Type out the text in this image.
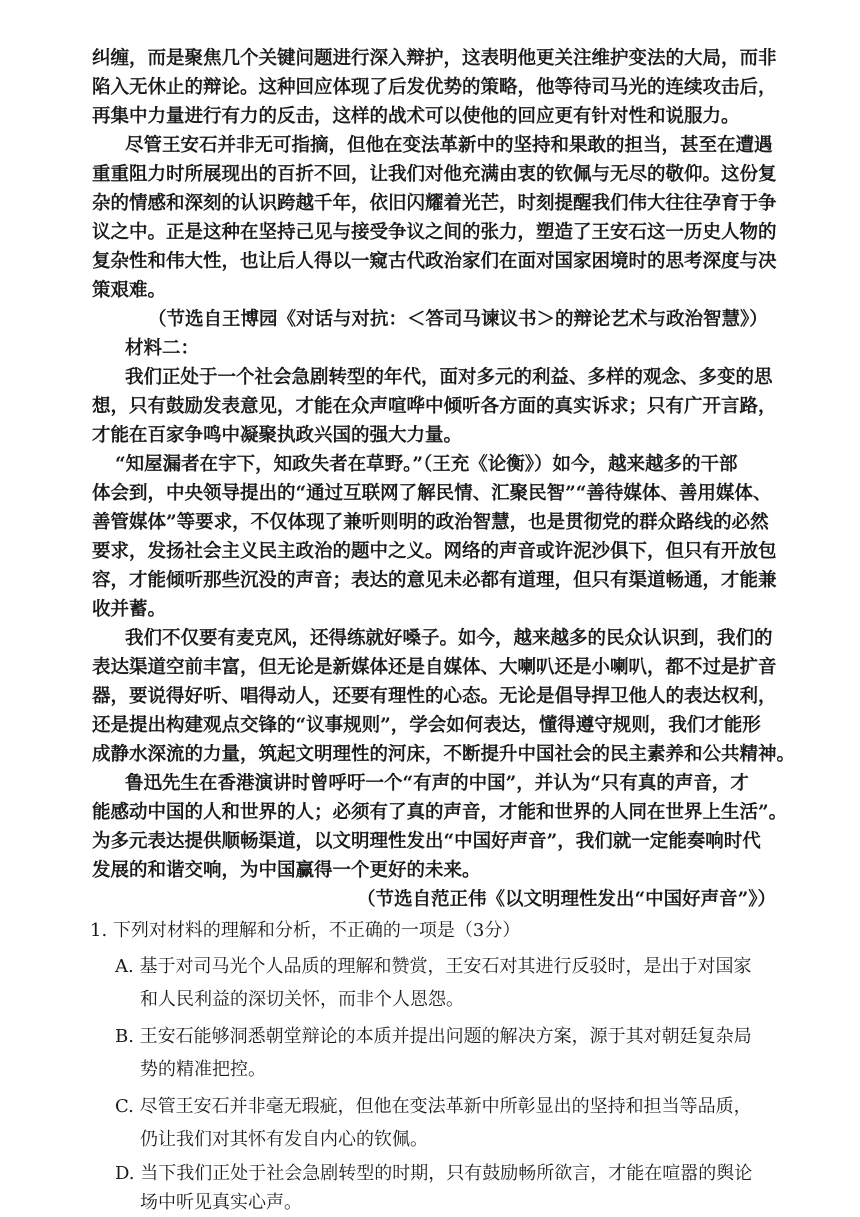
纠缠，而是聚焦几个关键问题进行深入辩护，这表明他更关注维护变法的大局，而非
陷入无休止的辩论。这种回应体现了后发优势的策略，他等待司马光的连续攻击后，
再集中力量进行有力的反击，这样的战术可以使他的回应更有针对性和说服力。
尽管王安石并非无可指摘，但他在变法革新中的坚持和果敢的担当，甚至在遭遇
重重阻力时所展现出的百折不回，让我们对他充满由衷的钦佩与无尽的敬仰。这份复
杂的情感和深刻的认识跨越千年，依旧闪耀着光芒，时刻提醒我们伟大往往孕育于争
议之中。正是这种在坚持己见与接受争议之间的张力，塑造了王安石这一历史人物的
复杂性和伟大性，也让后人得以一窥古代政治家们在面对国家困境时的思考深度与决
策艰难。
（节选自王博园《对话与对抗：＜答司马谏议书＞的辩论艺术与政治智慧》）
材料二：
我们正处于一个社会急剧转型的年代，面对多元的利益、多样的观念、多变的思
想，只有鼓励发表意见，才能在众声喧哗中倾听各方面的真实诉求；只有广开言路，
才能在百家争鸣中凝聚执政兴国的强大力量。
“知屋漏者在宇下，知政失者在草野。”（王充《论衡》）如今，越来越多的干部
体会到，中央领导提出的“通过互联网了解民情、汇聚民智”“善待媒体、善用媒体、
善管媒体”等要求，不仅体现了兼听则明的政治智慧，也是贯彻党的群众路线的必然
要求，发扬社会主义民主政治的题中之义。网络的声音或许泥沙俱下，但只有开放包
容，才能倾听那些沉没的声音；表达的意见未必都有道理，但只有渠道畅通，才能兼
收并蓄。
我们不仅要有麦克风，还得练就好嗓子。如今，越来越多的民众认识到，我们的
表达渠道空前丰富，但无论是新媒体还是自媒体、大喇叭还是小喇叭，都不过是扩音
器，要说得好听、唱得动人，还要有理性的心态。无论是倡导捍卫他人的表达权利，
还是提出构建观点交锋的“议事规则”，学会如何表达，懂得遵守规则，我们才能形
成静水深流的力量，筑起文明理性的河床，不断提升中国社会的民主素养和公共精神。
鲁迅先生在香港演讲时曾呼吁一个“有声的中国”，并认为“只有真的声音，才
能感动中国的人和世界的人；必须有了真的声音，才能和世界的人同在世界上生活”。
为多元表达提供顺畅渠道，以文明理性发出“中国好声音”，我们就一定能奏响时代
发展的和谐交响，为中国赢得一个更好的未来。
（节选自范正伟《以文明理性发出“中国好声音”》）
1. 下列对材料的理解和分析，不正确的一项是（3分）
A. 基于对司马光个人品质的理解和赞赏，王安石对其进行反驳时，是出于对国家
和人民利益的深切关怀，而非个人恩怨。
B. 王安石能够洞悉朝堂辩论的本质并提出问题的解决方案，源于其对朝廷复杂局
势的精准把控。
C. 尽管王安石并非毫无瑕疵，但他在变法革新中所彰显出的坚持和担当等品质，
仍让我们对其怀有发自内心的钦佩。
D. 当下我们正处于社会急剧转型的时期，只有鼓励畅所欲言，才能在喧嚣的舆论
场中听见真实心声。
